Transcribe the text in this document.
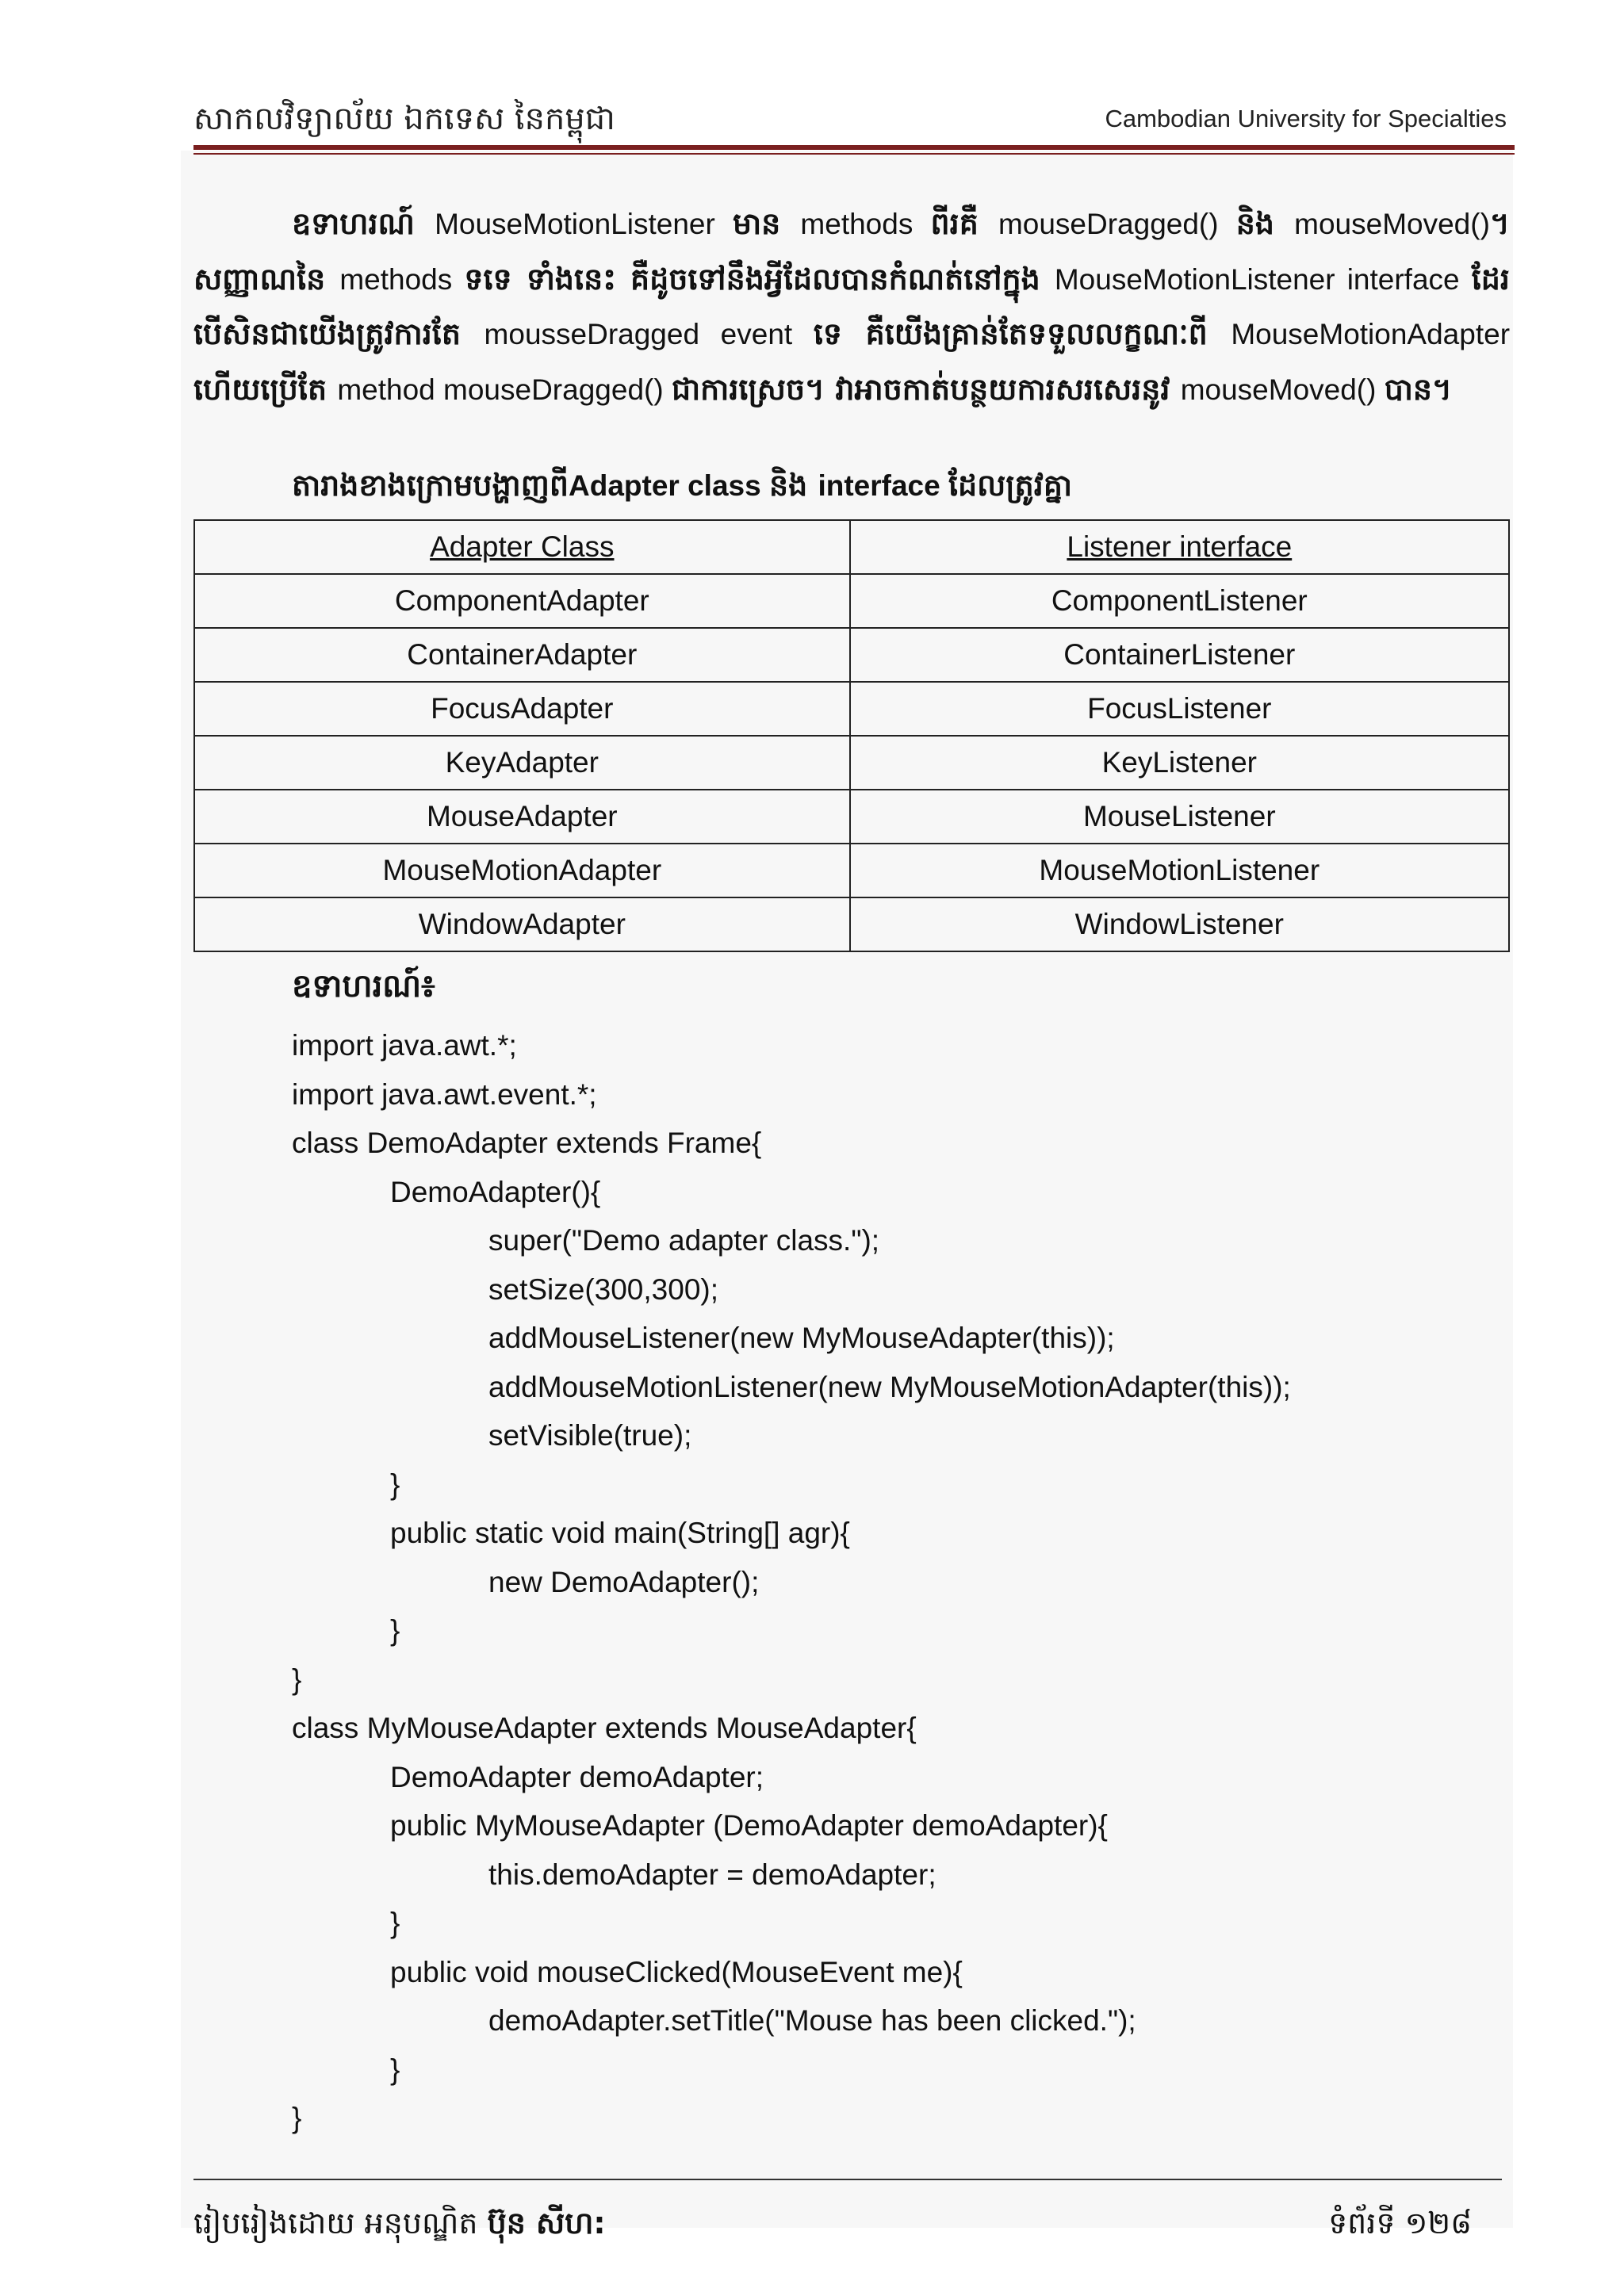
សាកលវិទ្យាល័យ ឯកទេស នៃកម្ពុជា	Cambodian University for Specialties
ឧទាហរណ៍ MouseMotionListener មាន methods ពីរគឺ mouseDragged() និង mouseMoved()។ សញ្ញាណនៃ methods ទទេ ទាំងនេះ គឺដូចទៅនឹងអ្វីដែលបានកំណត់នៅក្នុង MouseMotionListener interface ដែរ បើសិនជាយើងត្រូវការតែ mousseDragged event ទេ គឺយើងគ្រាន់តែទទួលលក្ខណៈពី MouseMotionAdapter ហើយប្រើតែ method mouseDragged() ជាការស្រេច។ វាអាចកាត់បន្ថយការសរសេរនូវ mouseMoved() បាន។
តារាងខាងក្រោមបង្ហាញពីAdapter class និង interface ដែលត្រូវគ្នា
Adapter Class	Listener interface
ComponentAdapter	ComponentListener
ContainerAdapter	ContainerListener
FocusAdapter	FocusListener
KeyAdapter	KeyListener
MouseAdapter	MouseListener
MouseMotionAdapter	MouseMotionListener
WindowAdapter	WindowListener
ឧទាហរណ៍៖
import java.awt.*;
import java.awt.event.*;
class DemoAdapter extends Frame{
DemoAdapter(){
super("Demo adapter class.");
setSize(300,300);
addMouseListener(new MyMouseAdapter(this));
addMouseMotionListener(new MyMouseMotionAdapter(this));
setVisible(true);
}
public static void main(String[] agr){
new DemoAdapter();
}
}
class MyMouseAdapter extends MouseAdapter{
DemoAdapter demoAdapter;
public MyMouseAdapter (DemoAdapter demoAdapter){
this.demoAdapter = demoAdapter;
}
public void mouseClicked(MouseEvent me){
demoAdapter.setTitle("Mouse has been clicked.");
}
}
រៀបរៀងដោយ អនុបណ្ឌិត ប៊ុន សីហ:	ទំព័រទី ១២៨
